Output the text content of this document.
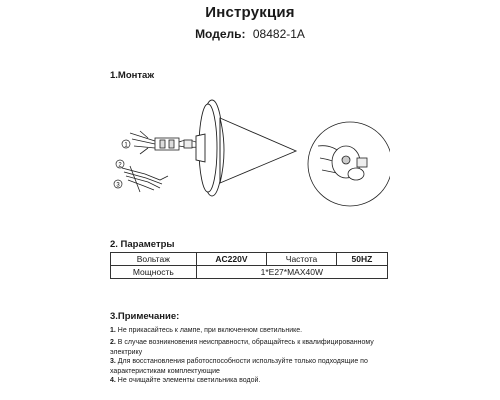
Инструкция
Модель: 08482-1A
1.Монтаж
1
2
3
2. Параметры
Вольтаж	AC220V	Частота	50HZ
Мощность	1*E27*MAX40W		
3.Примечание:
1. Не прикасайтесь к лампе, при включенном светильнике.
2. В случае возникновения неисправности, обращайтесь к квалифицированному электрику
3. Для восстановления работоспособности используйте только подходящие по характеристикам комплектующие
4. Не очищайте элементы светильника водой.
